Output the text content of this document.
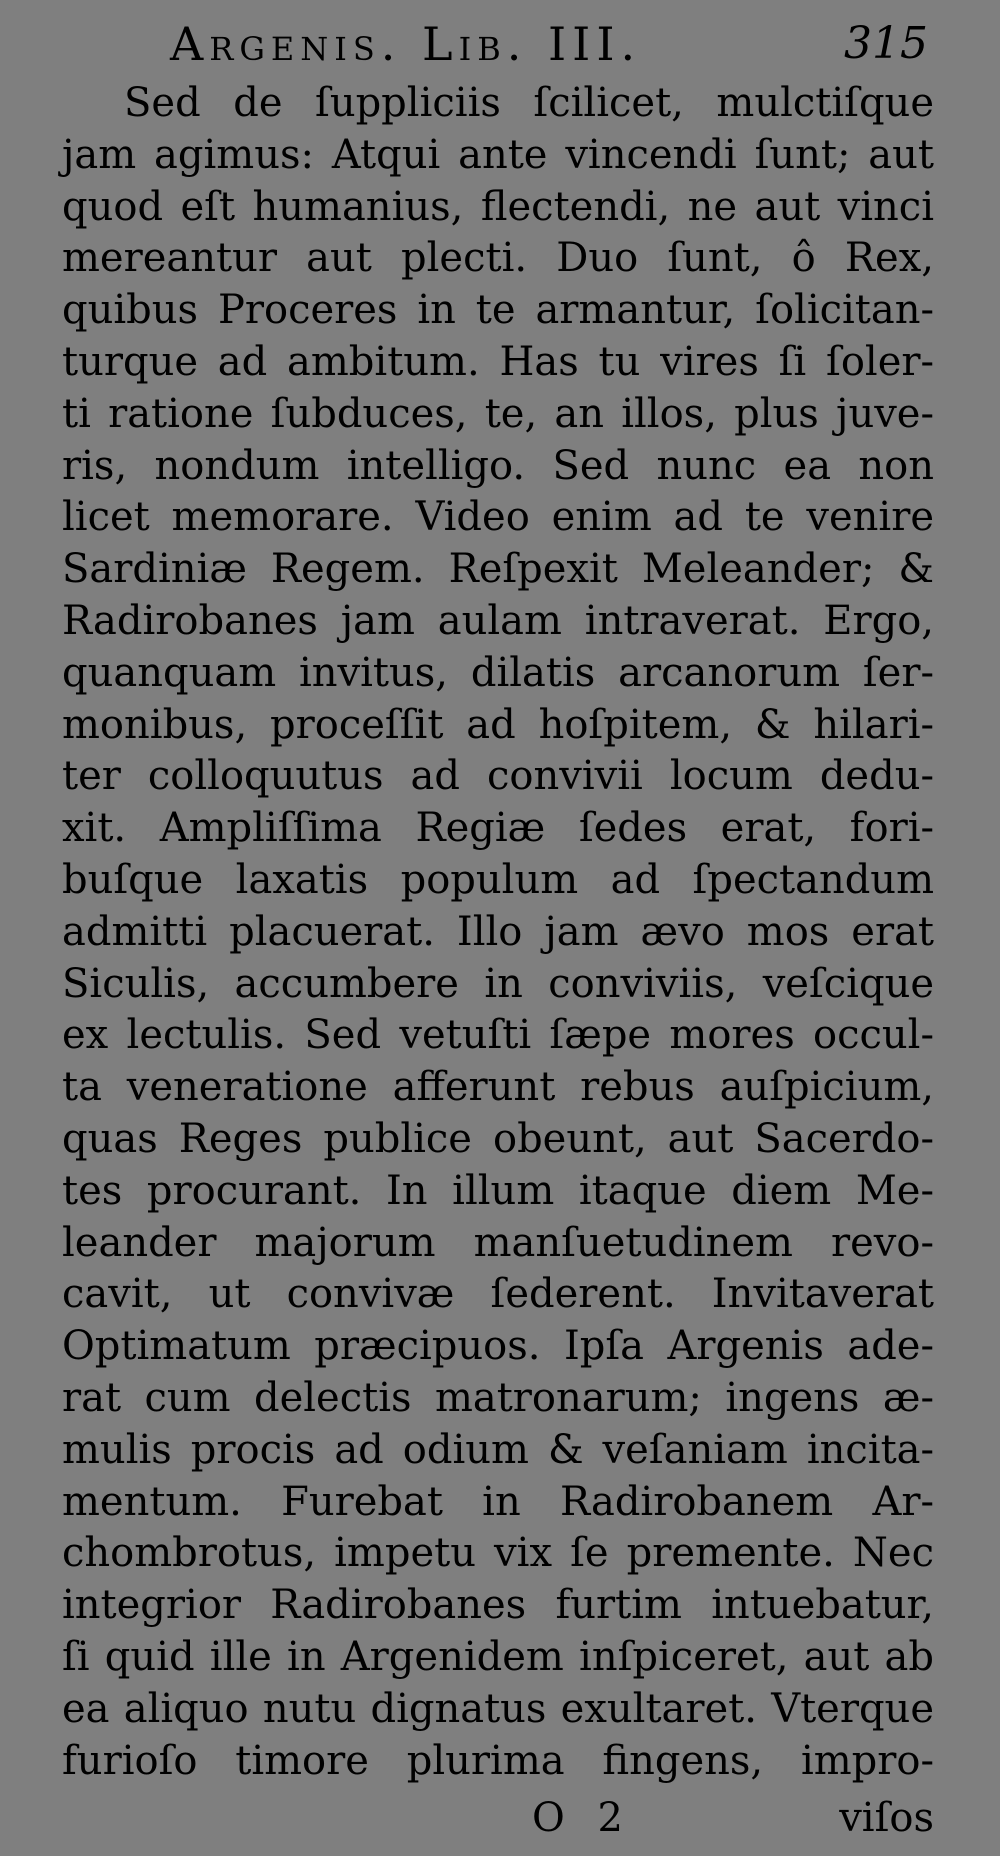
Argenis. Lib. III.	315
Sed de ſuppliciis ſcilicet, mulctiſque
jam agimus: Atqui ante vincendi ſunt; aut
quod eſt humanius, flectendi, ne aut vinci
mereantur aut plecti. Duo ſunt, ô Rex,
quibus Proceres in te armantur, ſolicitan-
turque ad ambitum. Has tu vires ſi ſoler-
ti ratione ſubduces, te, an illos, plus juve-
ris, nondum intelligo. Sed nunc ea non
licet memorare. Video enim ad te venire
Sardiniæ Regem. Reſpexit Meleander; &
Radirobanes jam aulam intraverat. Ergo,
quanquam invitus, dilatis arcanorum ſer-
monibus, proceſſit ad hoſpitem, & hilari-
ter colloquutus ad convivii locum dedu-
xit. Ampliſſima Regiæ ſedes erat, fori-
buſque laxatis populum ad ſpectandum
admitti placuerat. Illo jam ævo mos erat
Siculis, accumbere in conviviis, veſcique
ex lectulis. Sed vetuſti ſæpe mores occul-
ta veneratione afferunt rebus auſpicium,
quas Reges publice obeunt, aut Sacerdo-
tes procurant. In illum itaque diem Me-
leander majorum manſuetudinem revo-
cavit, ut convivæ ſederent. Invitaverat
Optimatum præcipuos. Ipſa Argenis ade-
rat cum delectis matronarum; ingens æ-
mulis procis ad odium & veſaniam incita-
mentum. Furebat in Radirobanem Ar-
chombrotus, impetu vix ſe premente. Nec
integrior Radirobanes furtim intuebatur,
ſi quid ille in Argenidem inſpiceret, aut ab
ea aliquo nutu dignatus exultaret. Vterque
furioſo timore plurima fingens, impro-
O 2	viſos
